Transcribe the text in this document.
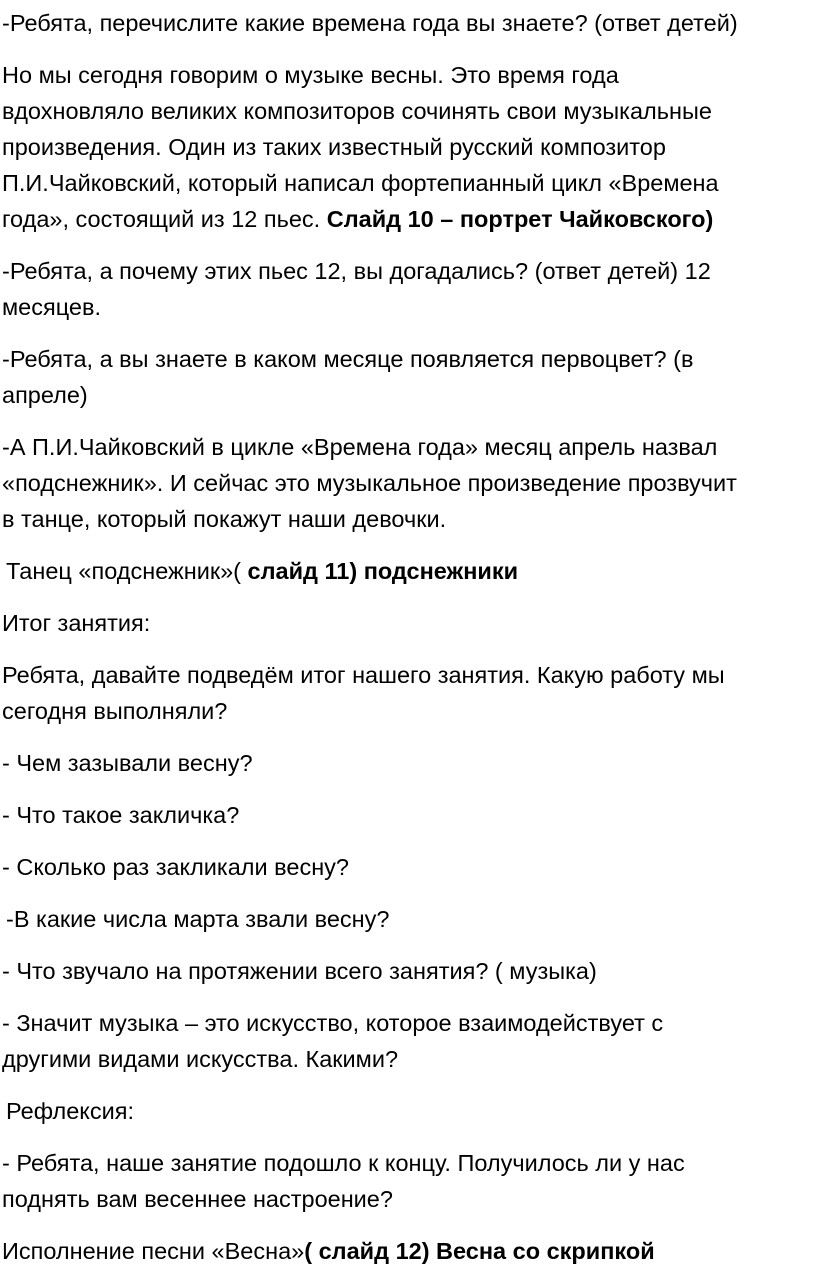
-Ребята, перечислите какие времена года вы знаете? (ответ детей)

Но мы сегодня говорим о музыке весны. Это время года

вдохновляло великих композиторов сочинять свои музыкальные

произведения. Один из таких известный русский композитор

П.И.Чайковский, который написал фортепианный цикл «Времена

года», состоящий из 12 пьес. Слайд 10 – портрет Чайковского)

-Ребята, а почему этих пьес 12, вы догадались? (ответ детей) 12

месяцев.

-Ребята, а вы знаете в каком месяце появляется первоцвет? (в

апреле)

-А П.И.Чайковский в цикле «Времена года» месяц апрель назвал

«подснежник». И сейчас это музыкальное произведение прозвучит

в танце, который покажут наши девочки.

Танец «подснежник»( слайд 11) подснежники

Итог занятия:

Ребята, давайте подведём итог нашего занятия. Какую работу мы

сегодня выполняли?

- Чем зазывали весну?

- Что такое закличка?

- Сколько раз закликали весну?

-В какие числа марта звали весну?

- Что звучало на протяжении всего занятия? ( музыка)

- Значит музыка – это искусство, которое взаимодействует с

другими видами искусства. Какими?

Рефлексия:

- Ребята, наше занятие подошло к концу. Получилось ли у нас

поднять вам весеннее настроение?

Исполнение песни «Весна»( слайд 12) Весна со скрипкой
